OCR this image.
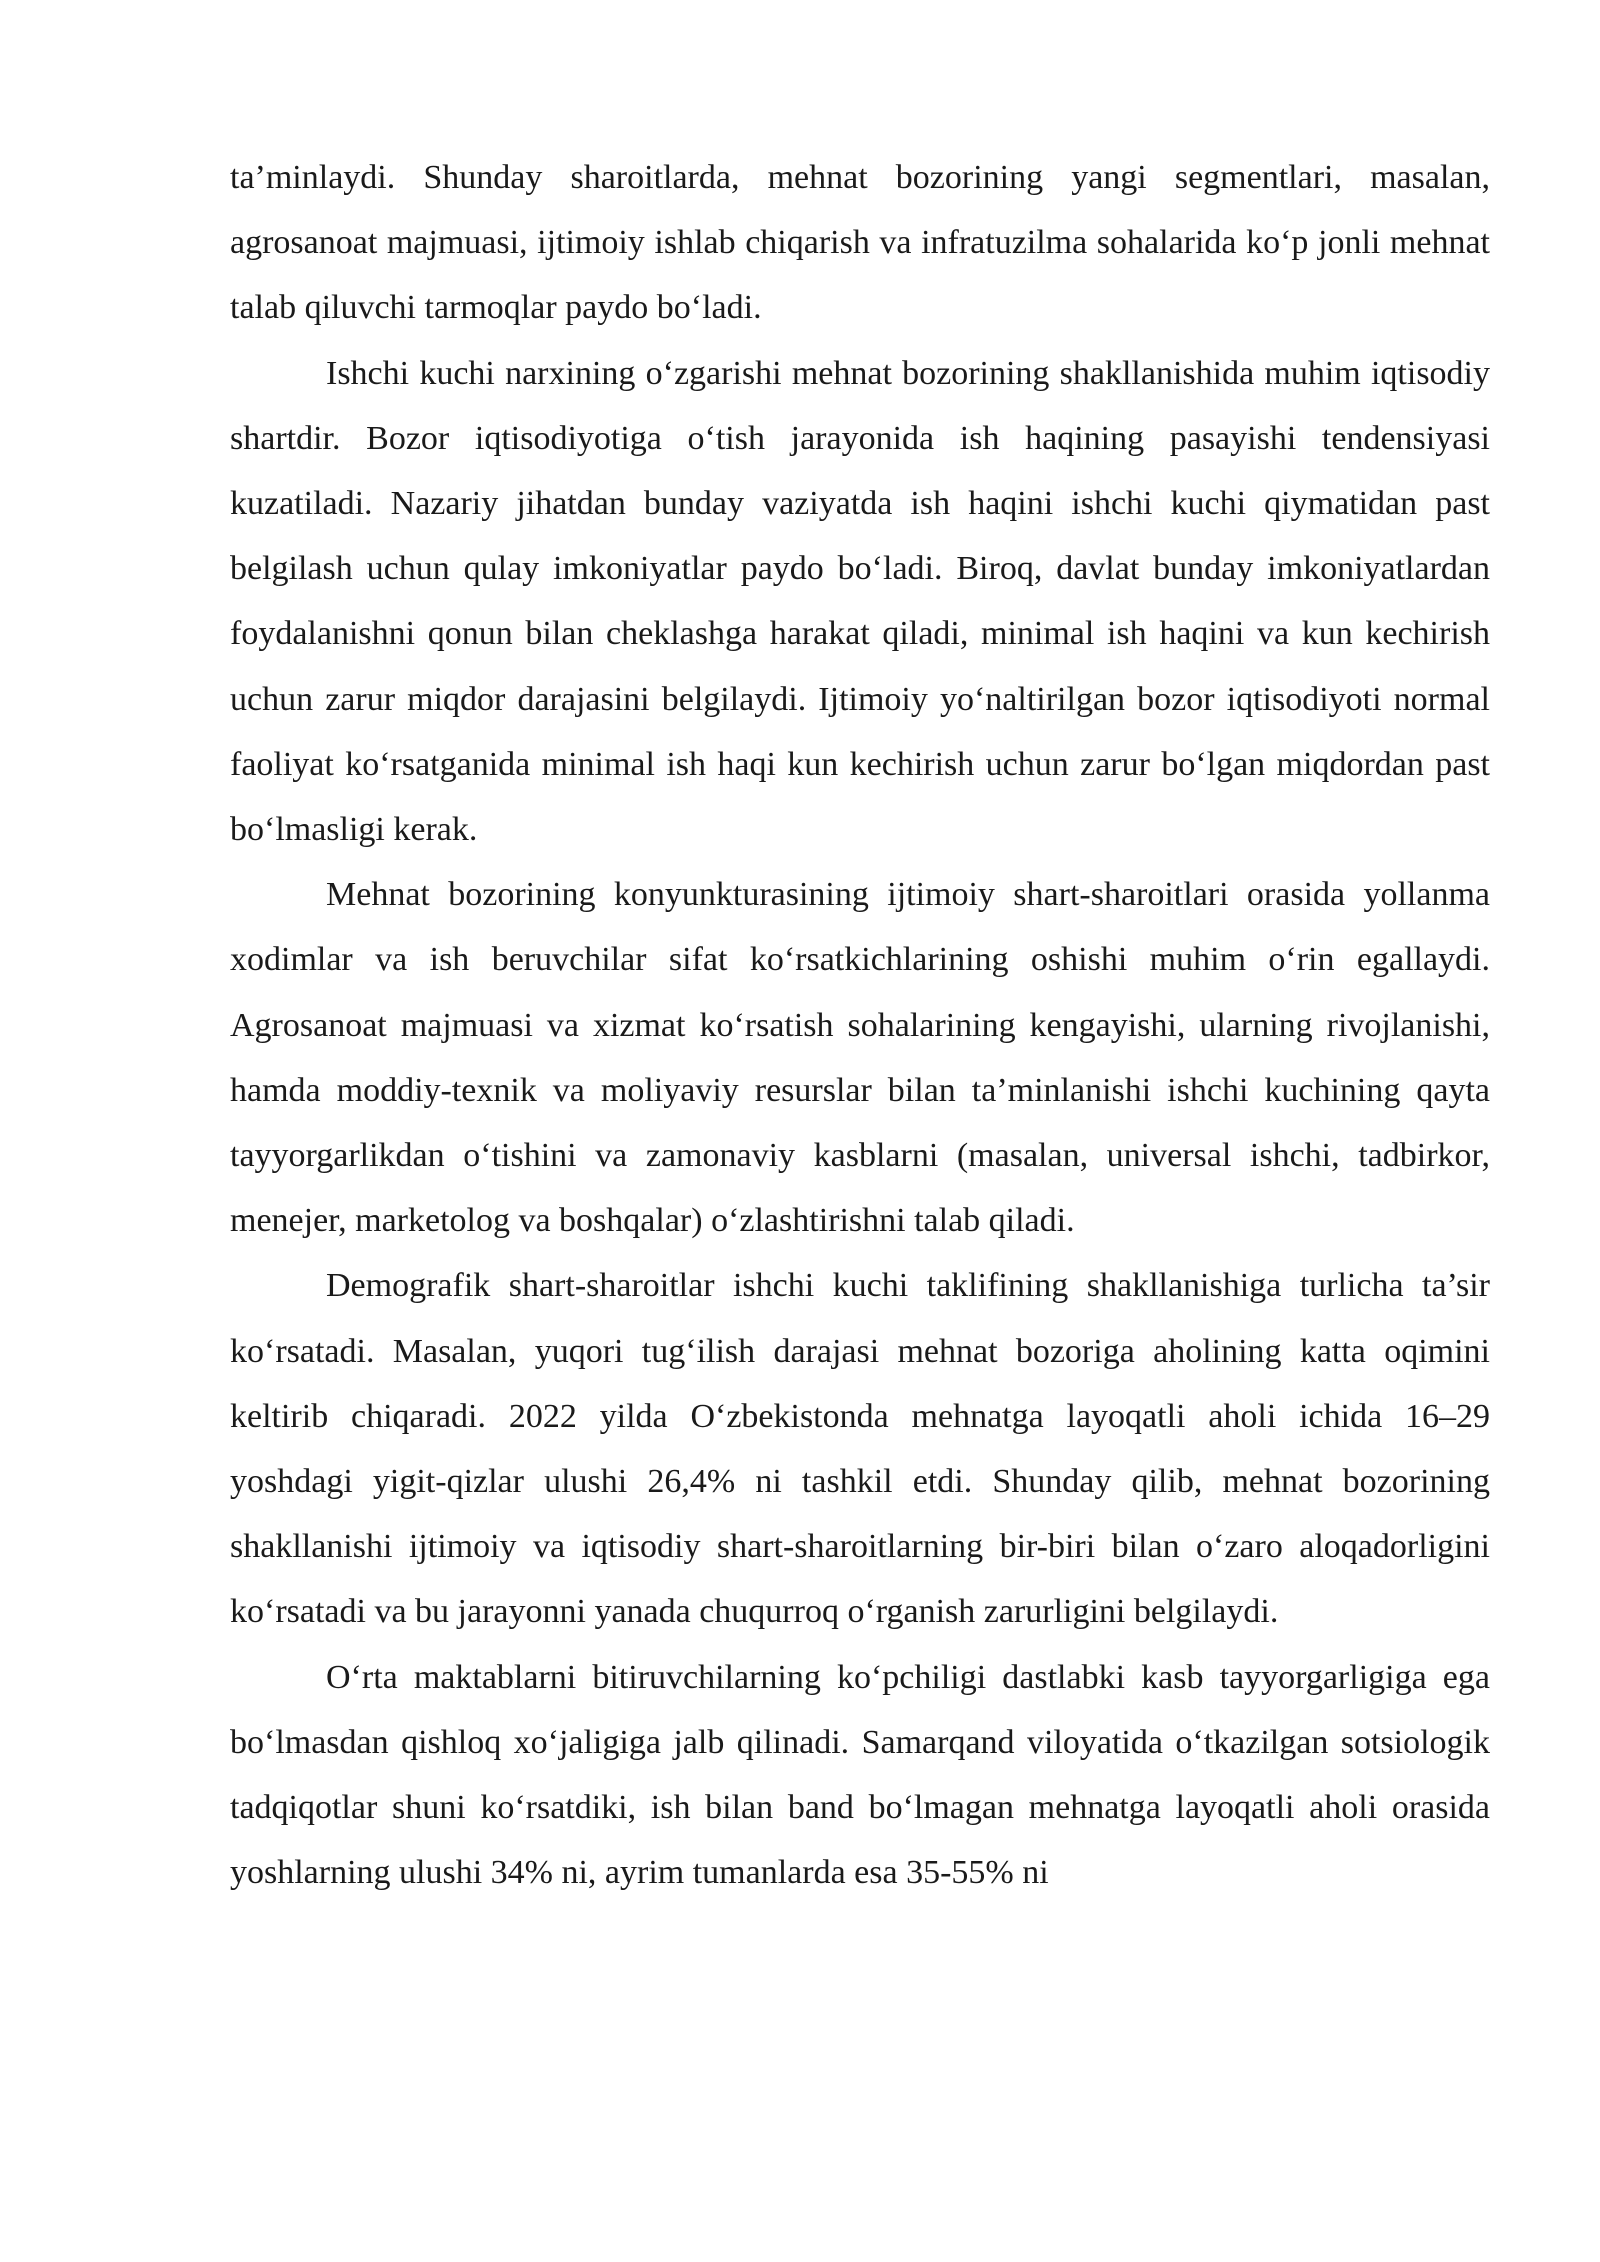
ta’minlaydi. Shunday sharoitlarda, mehnat bozorining yangi segmentlari, masalan, agrosanoat majmuasi, ijtimoiy ishlab chiqarish va infratuzilma sohalarida ko‘p jonli mehnat talab qiluvchi tarmoqlar paydo bo‘ladi.

Ishchi kuchi narxining o‘zgarishi mehnat bozorining shakllanishida muhim iqtisodiy shartdir. Bozor iqtisodiyotiga o‘tish jarayonida ish haqining pasayishi tendensiyasi kuzatiladi. Nazariy jihatdan bunday vaziyatda ish haqini ishchi kuchi qiymatidan past belgilash uchun qulay imkoniyatlar paydo bo‘ladi. Biroq, davlat bunday imkoniyatlardan foydalanishni qonun bilan cheklashga harakat qiladi, minimal ish haqini va kun kechirish uchun zarur miqdor darajasini belgilaydi. Ijtimoiy yo‘naltirilgan bozor iqtisodiyoti normal faoliyat ko‘rsatganida minimal ish haqi kun kechirish uchun zarur bo‘lgan miqdordan past bo‘lmasligi kerak.

Mehnat bozorining konyunkturasining ijtimoiy shart-sharoitlari orasida yollanma xodimlar va ish beruvchilar sifat ko‘rsatkichlarining oshishi muhim o‘rin egallaydi. Agrosanoat majmuasi va xizmat ko‘rsatish sohalarining kengayishi, ularning rivojlanishi, hamda moddiy-texnik va moliyaviy resurslar bilan ta’minlanishi ishchi kuchining qayta tayyorgarlikdan o‘tishini va zamonaviy kasblarni (masalan, universal ishchi, tadbirkor, menejer, marketolog va boshqalar) o‘zlashtirishni talab qiladi.

Demografik shart-sharoitlar ishchi kuchi taklifining shakllanishiga turlicha ta’sir ko‘rsatadi. Masalan, yuqori tug‘ilish darajasi mehnat bozoriga aholining katta oqimini keltirib chiqaradi. 2022 yilda O‘zbekistonda mehnatga layoqatli aholi ichida 16–29 yoshdagi yigit-qizlar ulushi 26,4% ni tashkil etdi. Shunday qilib, mehnat bozorining shakllanishi ijtimoiy va iqtisodiy shart-sharoitlarning bir-biri bilan o‘zaro aloqadorligini ko‘rsatadi va bu jarayonni yanada chuqurroq o‘rganish zarurligini belgilaydi.

O‘rta maktablarni bitiruvchilarning ko‘pchiligi dastlabki kasb tayyorgarligiga ega bo‘lmasdan qishloq xo‘jaligiga jalb qilinadi. Samarqand viloyatida o‘tkazilgan sotsiologik tadqiqotlar shuni ko‘rsatdiki, ish bilan band bo‘lmagan mehnatga layoqatli aholi orasida yoshlarning ulushi 34% ni, ayrim tumanlarda esa 35-55% ni
